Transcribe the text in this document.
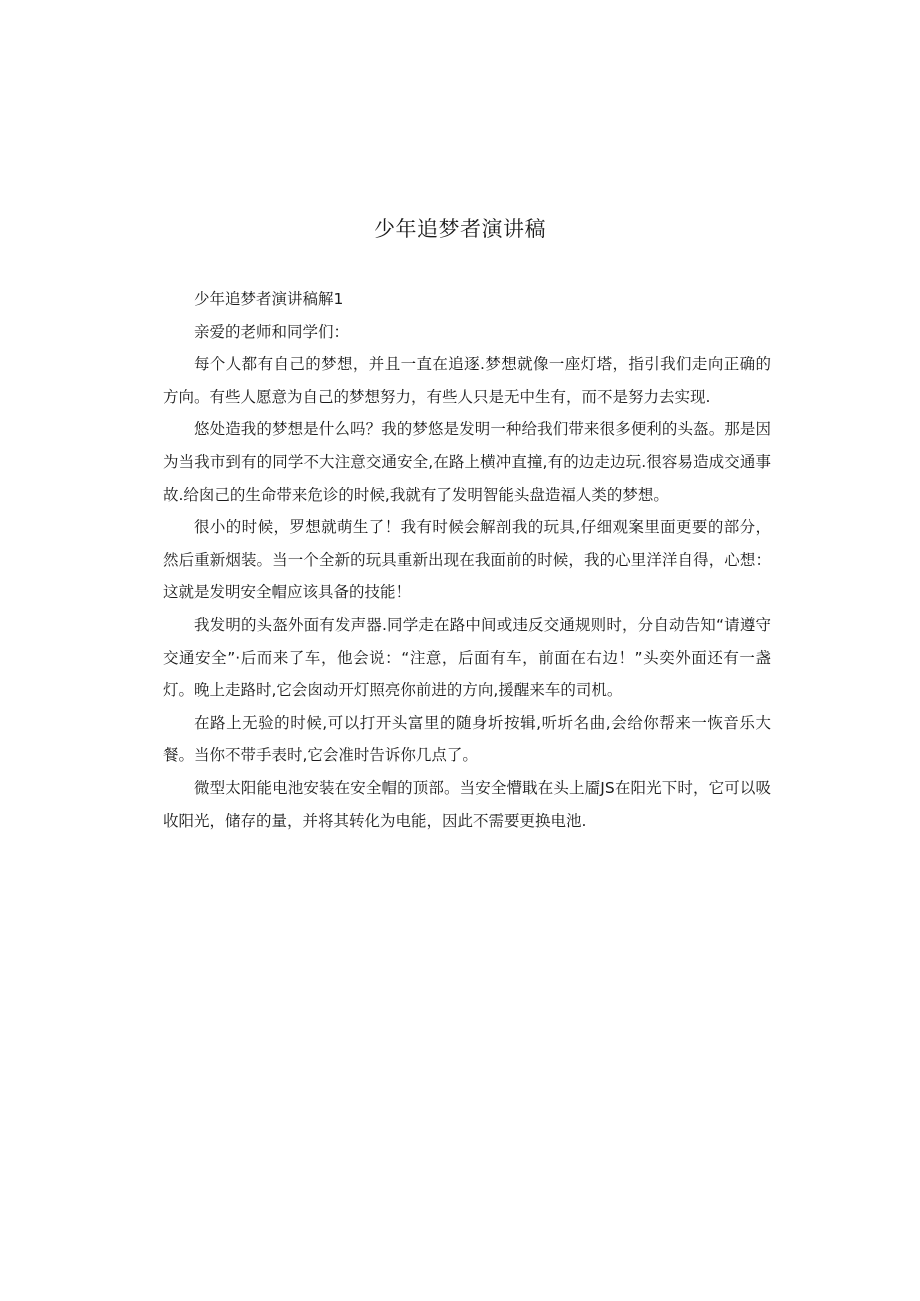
少年追梦者演讲稿

少年追梦者演讲稿解1

亲爱的老师和同学们：

每个人都有自己的梦想，并且一直在追逐.梦想就像一座灯塔，指引我们走向正确的方向。有些人愿意为自己的梦想努力，有些人只是无中生有，而不是努力去实现.

悠处造我的梦想是什么吗？我的梦悠是发明一种给我们带来很多便利的头盔。那是因为当我市到有的同学不大注意交通安全,在路上横冲直撞,有的边走边玩.很容易造成交通事故.给囱己的生命带来危诊的时候,我就有了发明智能头盘造福人类的梦想。

很小的时候，罗想就萌生了！我有时候会解剖我的玩具,仔细观案里面更要的部分，然后重新烟装。当一个全新的玩具重新出现在我面前的时候，我的心里洋洋自得，心想：这就是发明安全帽应该具备的技能！

我发明的头盔外面有发声器.同学走在路中间或违反交通规则时，分自动告知“请遵守交通安全”·后而来了车，他会说：“注意，后面有车，前面在右边！”头奕外面还有一盏灯。晚上走路时,它会囱动开灯照亮你前进的方向,援醒来车的司机。

在路上无验的时候,可以打开头富里的随身圻按辑,听圻名曲,会给你帮来一恢音乐大餐。当你不带手表时,它会准时告诉你几点了。

微型太阳能电池安装在安全帽的顶部。当安全懵戢在头上靥JS在阳光下时，它可以吸收阳光，储存的量，并将其转化为电能，因此不需要更换电池.
